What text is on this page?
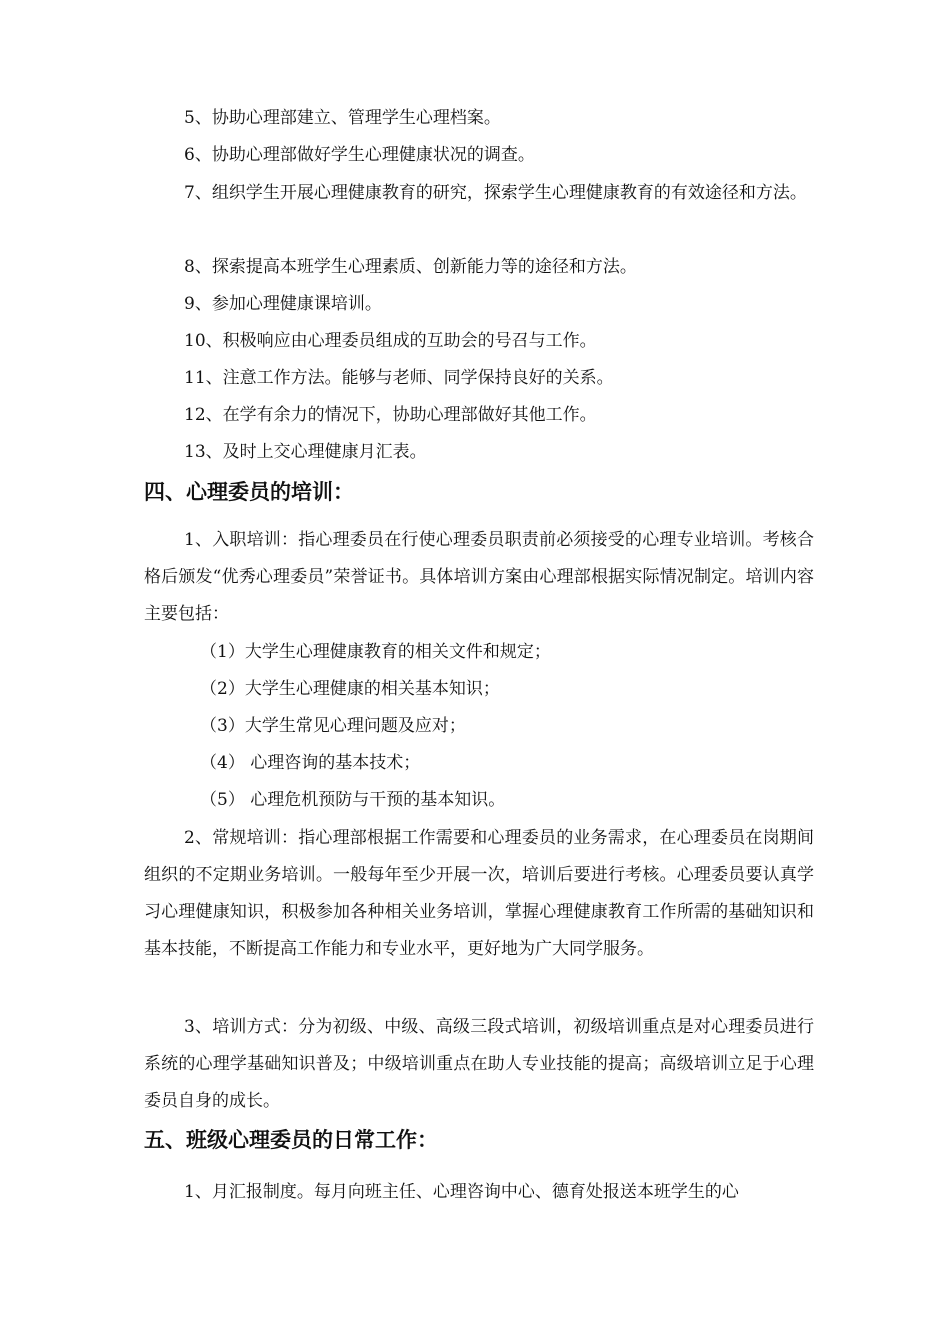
5、协助心理部建立、管理学生心理档案。
6、协助心理部做好学生心理健康状况的调查。
7、组织学生开展心理健康教育的研究，探索学生心理健康教育的有效途径和方法。
8、探索提高本班学生心理素质、创新能力等的途径和方法。
9、参加心理健康课培训。
10、积极响应由心理委员组成的互助会的号召与工作。
11、注意工作方法。能够与老师、同学保持良好的关系。
12、在学有余力的情况下，协助心理部做好其他工作。
13、及时上交心理健康月汇表。
四、心理委员的培训：
1、入职培训：指心理委员在行使心理委员职责前必须接受的心理专业培训。考核合格后颁发“优秀心理委员”荣誉证书。具体培训方案由心理部根据实际情况制定。培训内容主要包括：
（1）大学生心理健康教育的相关文件和规定；
（2）大学生心理健康的相关基本知识；
（3）大学生常见心理问题及应对；
（4） 心理咨询的基本技术；
（5） 心理危机预防与干预的基本知识。
2、常规培训：指心理部根据工作需要和心理委员的业务需求，在心理委员在岗期间组织的不定期业务培训。一般每年至少开展一次，培训后要进行考核。心理委员要认真学习心理健康知识，积极参加各种相关业务培训，掌握心理健康教育工作所需的基础知识和基本技能，不断提高工作能力和专业水平，更好地为广大同学服务。
3、培训方式：分为初级、中级、高级三段式培训，初级培训重点是对心理委员进行系统的心理学基础知识普及；中级培训重点在助人专业技能的提高；高级培训立足于心理委员自身的成长。
五、班级心理委员的日常工作：
1、月汇报制度。每月向班主任、心理咨询中心、德育处报送本班学生的心
